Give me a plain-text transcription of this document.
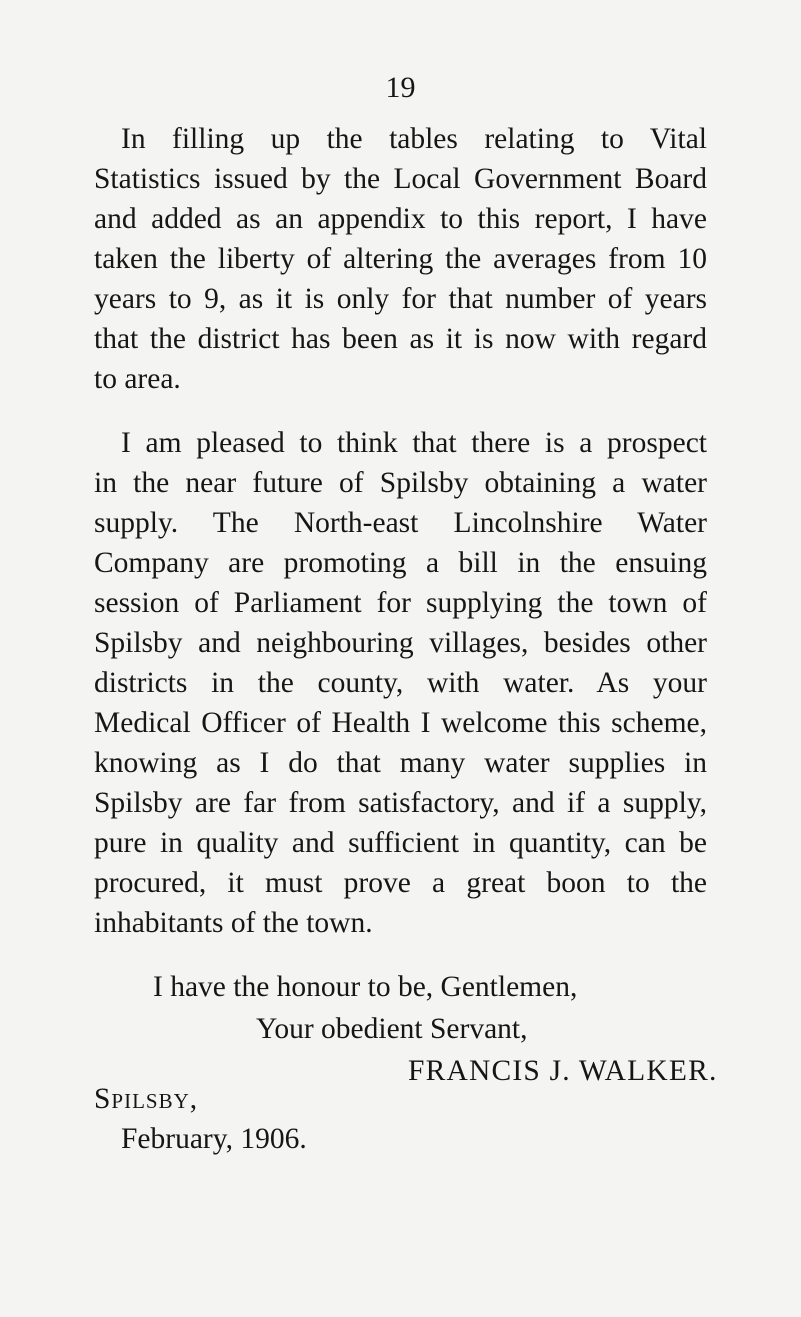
19
In filling up the tables relating to Vital
Statistics issued by the Local Government Board
and added as an appendix to this report, I have
taken the liberty of altering the averages from 10
years to 9, as it is only for that number of years
that the district has been as it is now with regard
to area.
I am pleased to think that there is a prospect
in the near future of Spilsby obtaining a water
supply. The North-east Lincolnshire Water
Company are promoting a bill in the ensuing
session of Parliament for supplying the town of
Spilsby and neighbouring villages, besides other
districts in the county, with water. As your
Medical Officer of Health I welcome this scheme,
knowing as I do that many water supplies in
Spilsby are far from satisfactory, and if a supply,
pure in quality and sufficient in quantity, can be
procured, it must prove a great boon to the
inhabitants of the town.
I have the honour to be, Gentlemen,
Your obedient Servant,
FRANCIS J. WALKER.
Spilsby,
February, 1906.
